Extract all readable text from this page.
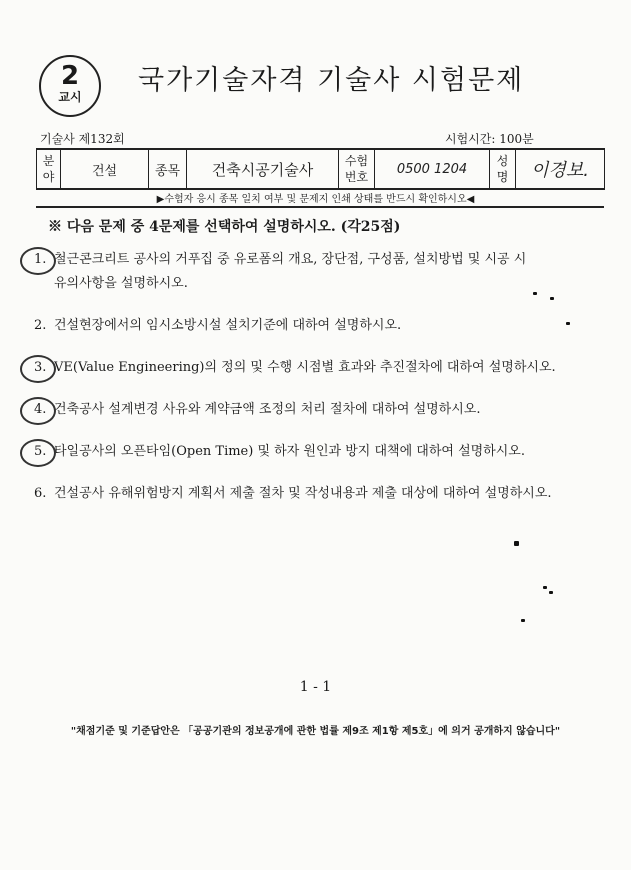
2
교시
국가기술자격 기술사 시험문제
기술사 제132회	시험시간: 100분
분야	건설	종목	건축시공기술사	수험번호	0500 1204	성명	이경보.
▶수험자 응시 종목 일치 여부 및 문제지 인쇄 상태를 반드시 확인하시오◀
※ 다음 문제 중 4문제를 선택하여 설명하시오. (각25점)
1. 철근콘크리트 공사의 거푸집 중 유로폼의 개요, 장단점, 구성품, 설치방법 및 시공 시
유의사항을 설명하시오.
2. 건설현장에서의 임시소방시설 설치기준에 대하여 설명하시오.
3. VE(Value Engineering)의 정의 및 수행 시점별 효과와 추진절차에 대하여 설명하시오.
4. 건축공사 설계변경 사유와 계약금액 조정의 처리 절차에 대하여 설명하시오.
5. 타일공사의 오픈타임(Open Time) 및 하자 원인과 방지 대책에 대하여 설명하시오.
6. 건설공사 유해위험방지 계획서 제출 절차 및 작성내용과 제출 대상에 대하여 설명하시오.
1 - 1
"채점기준 및 기준답안은 「공공기관의 정보공개에 관한 법률 제9조 제1항 제5호」에 의거 공개하지 않습니다"
